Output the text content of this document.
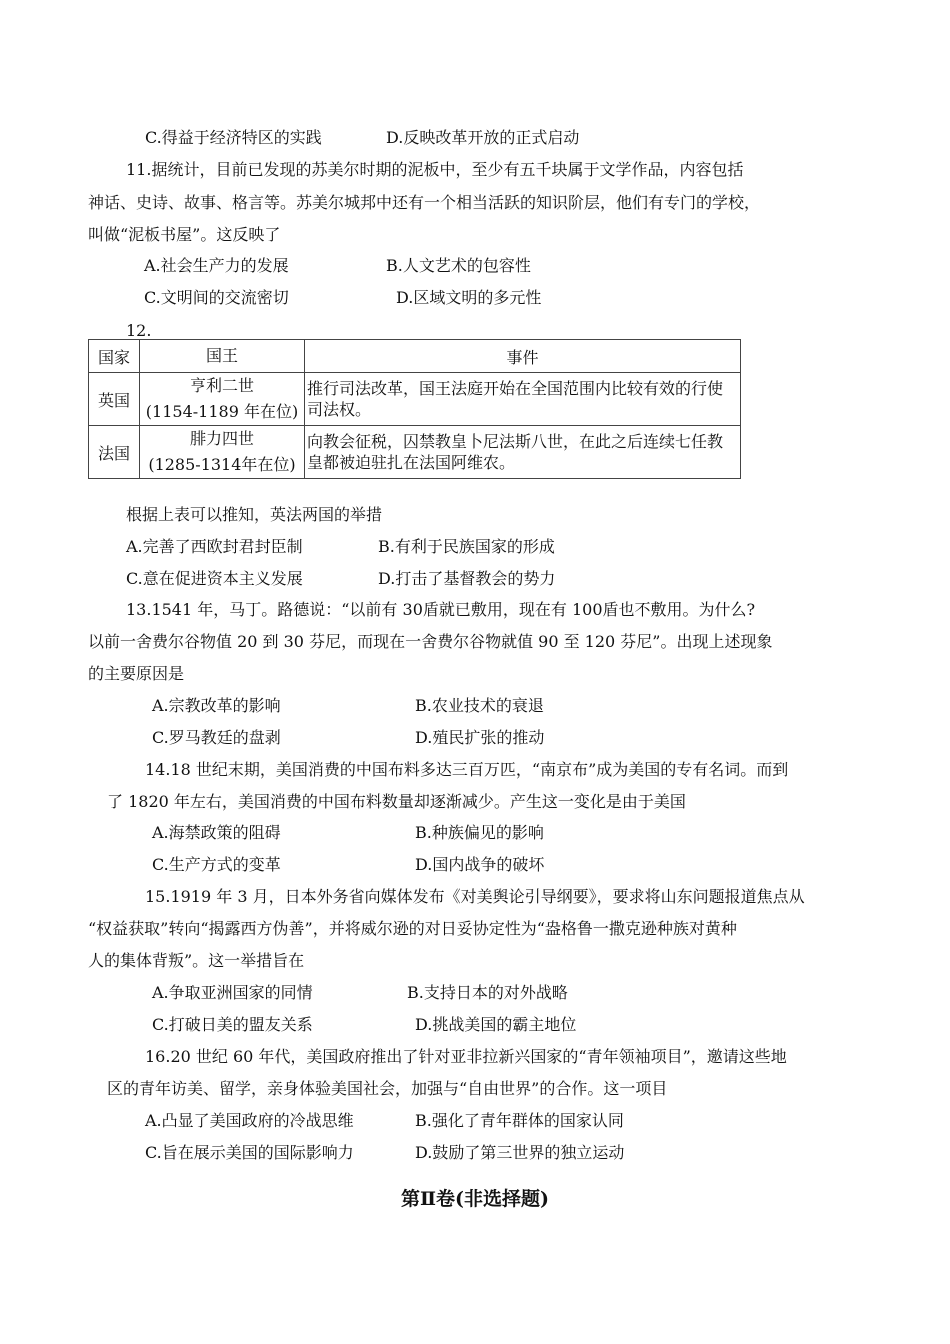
C.得益于经济特区的实践	D.反映改革开放的正式启动
11.据统计，目前已发现的苏美尔时期的泥板中，至少有五千块属于文学作品，内容包括
神话、史诗、故事、格言等。苏美尔城邦中还有一个相当活跃的知识阶层，他们有专门的学校，
叫做“泥板书屋”。这反映了
A.社会生产力的发展	B.人文艺术的包容性
C.文明间的交流密切	D.区域文明的多元性
12.
国家	国王	事件
英国	亨利二世
(1154-1189 年在位)	推行司法改革，国王法庭开始在全国范围内比较有效的行使司法权。
法国	腓力四世
(1285-1314年在位)	向教会征税，囚禁教皇卜尼法斯八世，在此之后连续七任教皇都被迫驻扎在法国阿维农。
根据上表可以推知，英法两国的举措
A.完善了西欧封君封臣制	B.有利于民族国家的形成
C.意在促进资本主义发展	D.打击了基督教会的势力
13.1541 年，马丁。路德说：“以前有 30盾就已敷用，现在有 100盾也不敷用。为什么?
以前一舍费尔谷物值 20 到 30 芬尼，而现在一舍费尔谷物就值 90 至 120 芬尼”。出现上述现象
的主要原因是
A.宗教改革的影响	B.农业技术的衰退
C.罗马教廷的盘剥	D.殖民扩张的推动
14.18 世纪末期，美国消费的中国布料多达三百万匹，“南京布”成为美国的专有名词。而到
了 1820 年左右，美国消费的中国布料数量却逐渐减少。产生这一变化是由于美国
A.海禁政策的阻碍	B.种族偏见的影响
C.生产方式的变革	D.国内战争的破坏
15.1919 年 3 月，日本外务省向媒体发布《对美舆论引导纲要》，要求将山东问题报道焦点从
“权益获取”转向“揭露西方伪善”，并将威尔逊的对日妥协定性为“盎格鲁一撒克逊种族对黄种
人的集体背叛”。这一举措旨在
A.争取亚洲国家的同情	B.支持日本的对外战略
C.打破日美的盟友关系	D.挑战美国的霸主地位
16.20 世纪 60 年代，美国政府推出了针对亚非拉新兴国家的“青年领袖项目”，邀请这些地
区的青年访美、留学，亲身体验美国社会，加强与“自由世界”的合作。这一项目
A.凸显了美国政府的冷战思维	B.强化了青年群体的国家认同
C.旨在展示美国的国际影响力	D.鼓励了第三世界的独立运动
第Ⅱ卷(非选择题)
